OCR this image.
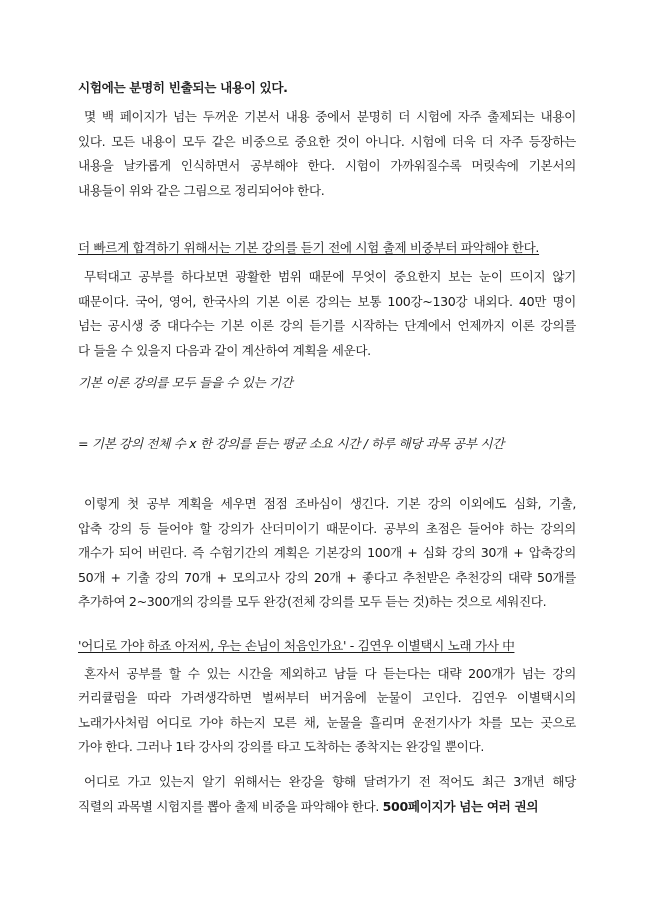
시험에는 분명히 빈출되는 내용이 있다.
몇 백 페이지가 넘는 두꺼운 기본서 내용 중에서 분명히 더 시험에 자주 출제되는 내용이
있다. 모든 내용이 모두 같은 비중으로 중요한 것이 아니다. 시험에 더욱 더 자주 등장하는
내용을 날카롭게 인식하면서 공부해야 한다. 시험이 가까워질수록 머릿속에 기본서의
내용들이 위와 같은 그림으로 정리되어야 한다.
더 빠르게 합격하기 위해서는 기본 강의를 듣기 전에 시험 출제 비중부터 파악해야 한다.
무턱대고 공부를 하다보면 광활한 범위 때문에 무엇이 중요한지 보는 눈이 뜨이지 않기
때문이다. 국어, 영어, 한국사의 기본 이론 강의는 보통 100강~130강 내외다. 40만 명이
넘는 공시생 중 대다수는 기본 이론 강의 듣기를 시작하는 단계에서 언제까지 이론 강의를
다 들을 수 있을지 다음과 같이 계산하여 계획을 세운다.
기본 이론 강의를 모두 들을 수 있는 기간
= 기본 강의 전체 수 x 한 강의를 듣는 평균 소요 시간 / 하루 해당 과목 공부 시간
이렇게 첫 공부 계획을 세우면 점점 조바심이 생긴다. 기본 강의 이외에도 심화, 기출,
압축 강의 등 들어야 할 강의가 산더미이기 때문이다. 공부의 초점은 들어야 하는 강의의
개수가 되어 버린다. 즉 수험기간의 계획은 기본강의 100개 + 심화 강의 30개 + 압축강의
50개 + 기출 강의 70개 + 모의고사 강의 20개 + 좋다고 추천받은 추천강의 대략 50개를
추가하여 2~300개의 강의를 모두 완강(전체 강의를 모두 듣는 것)하는 것으로 세워진다.
'어디로 가야 하죠 아저씨, 우는 손님이 처음인가요' - 김연우 이별택시 노래 가사 中
혼자서 공부를 할 수 있는 시간을 제외하고 남들 다 듣는다는 대략 200개가 넘는 강의
커리큘럼을 따라 가려생각하면 벌써부터 버거움에 눈물이 고인다. 김연우 이별택시의
노래가사처럼 어디로 가야 하는지 모른 채, 눈물을 흘리며 운전기사가 차를 모는 곳으로
가야 한다. 그러나 1타 강사의 강의를 타고 도착하는 종착지는 완강일 뿐이다.
어디로 가고 있는지 알기 위해서는 완강을 향해 달려가기 전 적어도 최근 3개년 해당
직렬의 과목별 시험지를 뽑아 출제 비중을 파악해야 한다. 500페이지가 넘는 여러 권의
